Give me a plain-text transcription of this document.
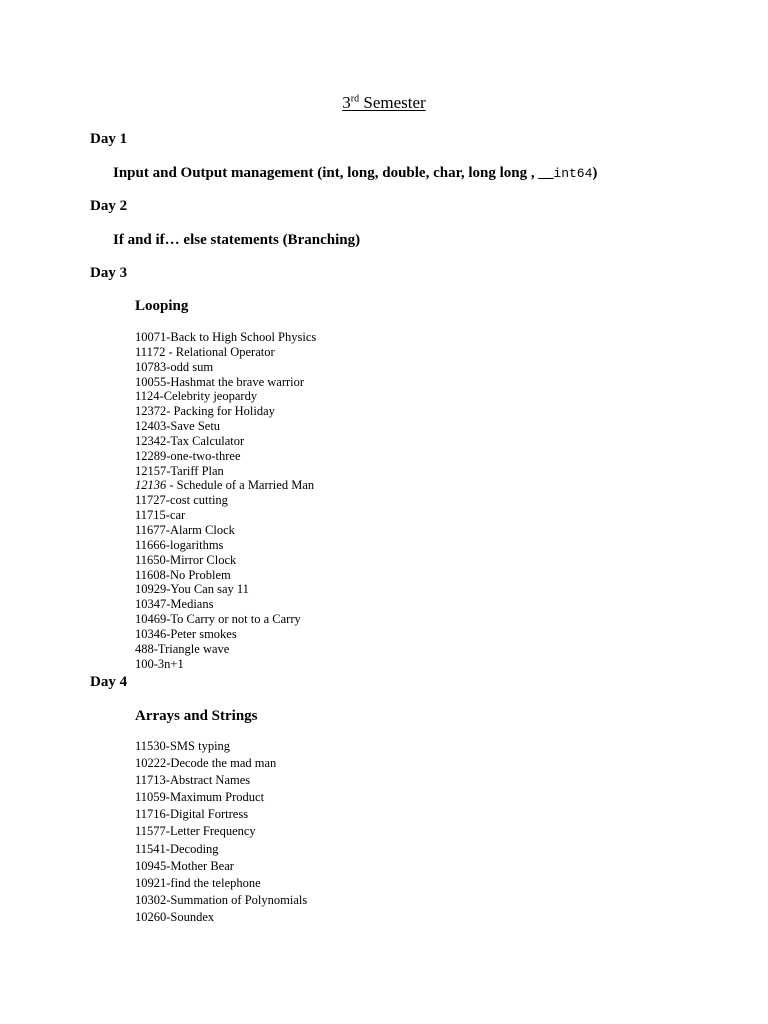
3rd Semester
Day 1
Input and Output management (int, long, double, char, long long , __int64)
Day 2
If and if… else statements (Branching)
Day 3
Looping
10071-Back to High School Physics
11172 - Relational Operator
10783-odd sum
10055-Hashmat the brave warrior
1124-Celebrity jeopardy
12372- Packing for Holiday
12403-Save Setu
12342-Tax Calculator
12289-one-two-three
12157-Tariff Plan
12136 - Schedule of a Married Man
11727-cost cutting
11715-car
11677-Alarm Clock
11666-logarithms
11650-Mirror Clock
11608-No Problem
10929-You Can say 11
10347-Medians
10469-To Carry or not to a Carry
10346-Peter smokes
488-Triangle wave
100-3n+1
Day 4
Arrays and Strings
11530-SMS typing
10222-Decode the mad man
11713-Abstract Names
11059-Maximum Product
11716-Digital Fortress
11577-Letter Frequency
11541-Decoding
10945-Mother Bear
10921-find the telephone
10302-Summation of Polynomials
10260-Soundex
